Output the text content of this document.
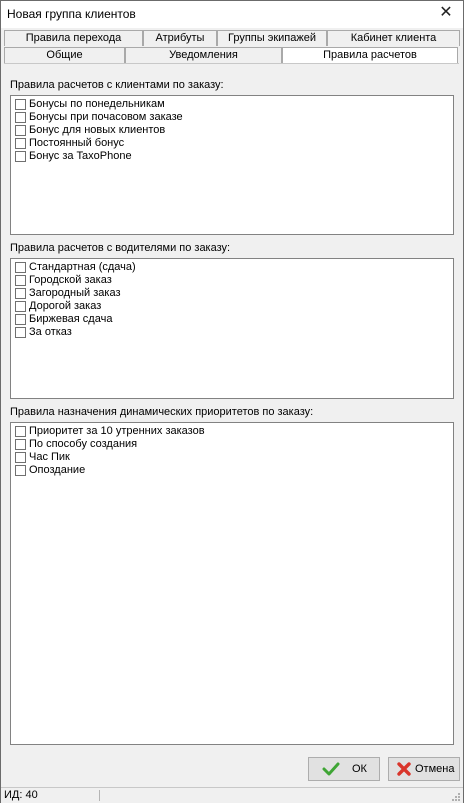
Новая группа клиентов	✕
Правила перехода	Атрибуты	Группы экипажей	Кабинет клиента
Общие	Уведомления	Правила расчетов
Правила расчетов с клиентами по заказу:
Бонусы по понедельникам
Бонусы при почасовом заказе
Бонус для новых клиентов
Постоянный бонус
Бонус за TaxoPhone
Правила расчетов с водителями по заказу:
Стандартная (сдача)
Городской заказ
Загородный заказ
Дорогой заказ
Биржевая сдача
За отказ
Правила назначения динамических приоритетов по заказу:
Приоритет за 10 утренних заказов
По способу создания
Час Пик
Опоздание
ОК	Отмена
ИД: 40
